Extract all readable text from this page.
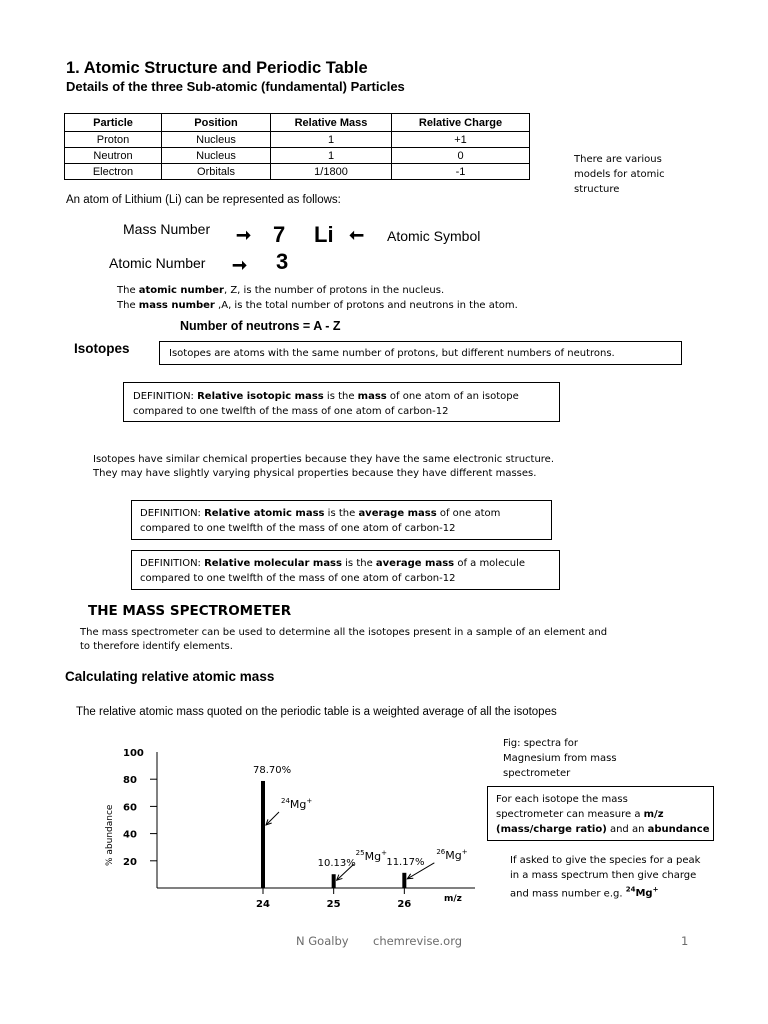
1. Atomic Structure and Periodic Table
Details of the three Sub-atomic (fundamental) Particles
Particle	Position	Relative Mass	Relative Charge
Proton	Nucleus	1	+1
Neutron	Nucleus	1	0
Electron	Orbitals	1/1800	-1
There are various models for atomic structure
An atom of Lithium (Li) can be represented as follows:
Mass Number ➞ 7 Li ➞ Atomic Symbol
Atomic Number ➞ 3
The atomic number, Z, is the number of protons in the nucleus.
The mass number ,A, is the total number of protons and neutrons in the atom.
Number of neutrons = A - Z
Isotopes	Isotopes are atoms with the same number of protons, but different numbers of neutrons.
DEFINITION: Relative isotopic mass is the mass of one atom of an isotope
compared to one twelfth of the mass of one atom of carbon-12
Isotopes have similar chemical properties because they have the same electronic structure.
They may have slightly varying physical properties because they have different masses.
DEFINITION: Relative atomic mass is the average mass of one atom
compared to one twelfth of the mass of one atom of carbon-12
DEFINITION: Relative molecular mass is the average mass of a molecule
compared to one twelfth of the mass of one atom of carbon-12
THE MASS SPECTROMETER
The mass spectrometer can be used to determine all the isotopes present in a sample of an element and
to therefore identify elements.
Calculating relative atomic mass
The relative atomic mass quoted on the periodic table is a weighted average of all the isotopes
20
40
60
80
100
24	25	26
% abundance
m/z
78.70%
$^{24}$Mg+
10.13%
$^{25}$Mg+
11.17%
$^{26}$Mg+
Fig: spectra for Magnesium from mass spectrometer
For each isotope the mass
spectrometer can measure a m/z
(mass/charge ratio) and an abundance
If asked to give the species for a peak
in a mass spectrum then give charge
and mass number e.g. $^{24}$Mg+
N Goalby chemrevise.org	1
